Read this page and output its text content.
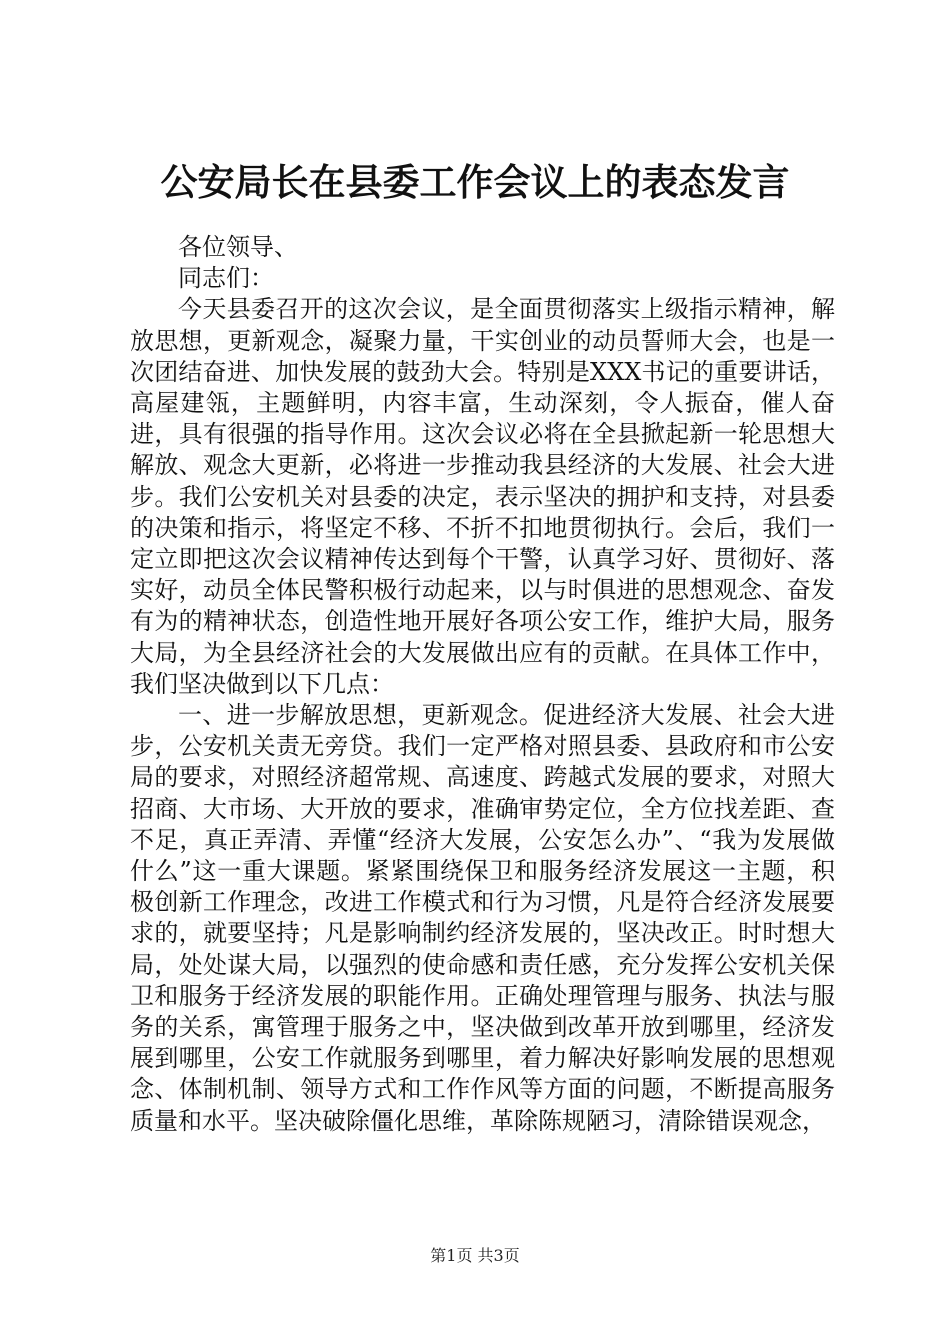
公安局长在县委工作会议上的表态发言

各位领导、

同志们：

今天县委召开的这次会议，是全面贯彻落实上级指示精神，解放思想，更新观念，凝聚力量，干实创业的动员誓师大会，也是一次团结奋进、加快发展的鼓劲大会。特别是XXX书记的重要讲话，高屋建瓴，主题鲜明，内容丰富，生动深刻，令人振奋，催人奋进，具有很强的指导作用。这次会议必将在全县掀起新一轮思想大解放、观念大更新，必将进一步推动我县经济的大发展、社会大进步。我们公安机关对县委的决定，表示坚决的拥护和支持，对县委的决策和指示，将坚定不移、不折不扣地贯彻执行。会后，我们一定立即把这次会议精神传达到每个干警，认真学习好、贯彻好、落实好，动员全体民警积极行动起来，以与时俱进的思想观念、奋发有为的精神状态，创造性地开展好各项公安工作，维护大局，服务大局，为全县经济社会的大发展做出应有的贡献。在具体工作中，我们坚决做到以下几点：

一、进一步解放思想，更新观念。促进经济大发展、社会大进步，公安机关责无旁贷。我们一定严格对照县委、县政府和市公安局的要求，对照经济超常规、高速度、跨越式发展的要求，对照大招商、大市场、大开放的要求，准确审势定位，全方位找差距、查不足，真正弄清、弄懂“经济大发展，公安怎么办”、“我为发展做什么”这一重大课题。紧紧围绕保卫和服务经济发展这一主题，积极创新工作理念，改进工作模式和行为习惯，凡是符合经济发展要求的，就要坚持；凡是影响制约经济发展的，坚决改正。时时想大局，处处谋大局，以强烈的使命感和责任感，充分发挥公安机关保卫和服务于经济发展的职能作用。正确处理管理与服务、执法与服务的关系，寓管理于服务之中，坚决做到改革开放到哪里，经济发展到哪里，公安工作就服务到哪里，着力解决好影响发展的思想观念、体制机制、领导方式和工作作风等方面的问题，不断提高服务质量和水平。坚决破除僵化思维，革除陈规陋习，清除错误观念，

第1页 共3页
